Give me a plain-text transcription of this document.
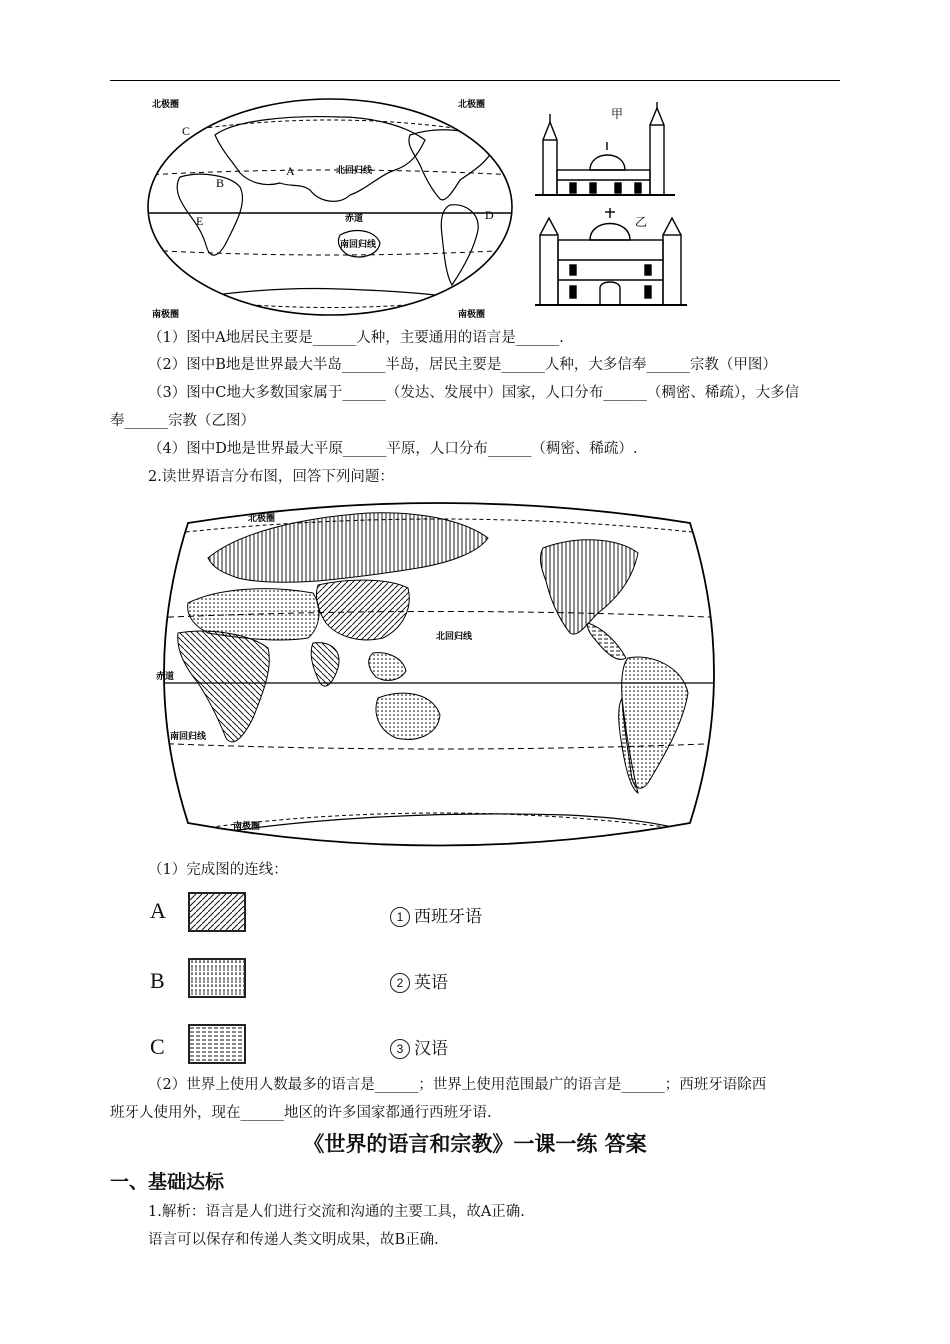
北极圈	北极圈
北回归线
赤道
南回归线
南极圈	南极圈
A
B
C
D
E
甲
乙
（1）图中A地居民主要是______人种，主要通用的语言是______.
（2）图中B地是世界最大半岛______半岛，居民主要是______人种，大多信奉______宗教（甲图）
（3）图中C地大多数国家属于______（发达、发展中）国家，人口分布______（稠密、稀疏），大多信
奉______宗教（乙图）
（4）图中D地是世界最大平原______平原，人口分布______（稠密、稀疏）.
2.读世界语言分布图，回答下列问题：
北极圈
北回归线
赤道
南回归线
南极圈
（1）完成图的连线：
A	1 西班牙语
B	2 英语
C	3 汉语
（2）世界上使用人数最多的语言是______；世界上使用范围最广的语言是______；西班牙语除西
班牙人使用外，现在______地区的许多国家都通行西班牙语.
《世界的语言和宗教》一课一练 答案
一、基础达标
1.解析：语言是人们进行交流和沟通的主要工具，故A正确.
语言可以保存和传递人类文明成果，故B正确.
